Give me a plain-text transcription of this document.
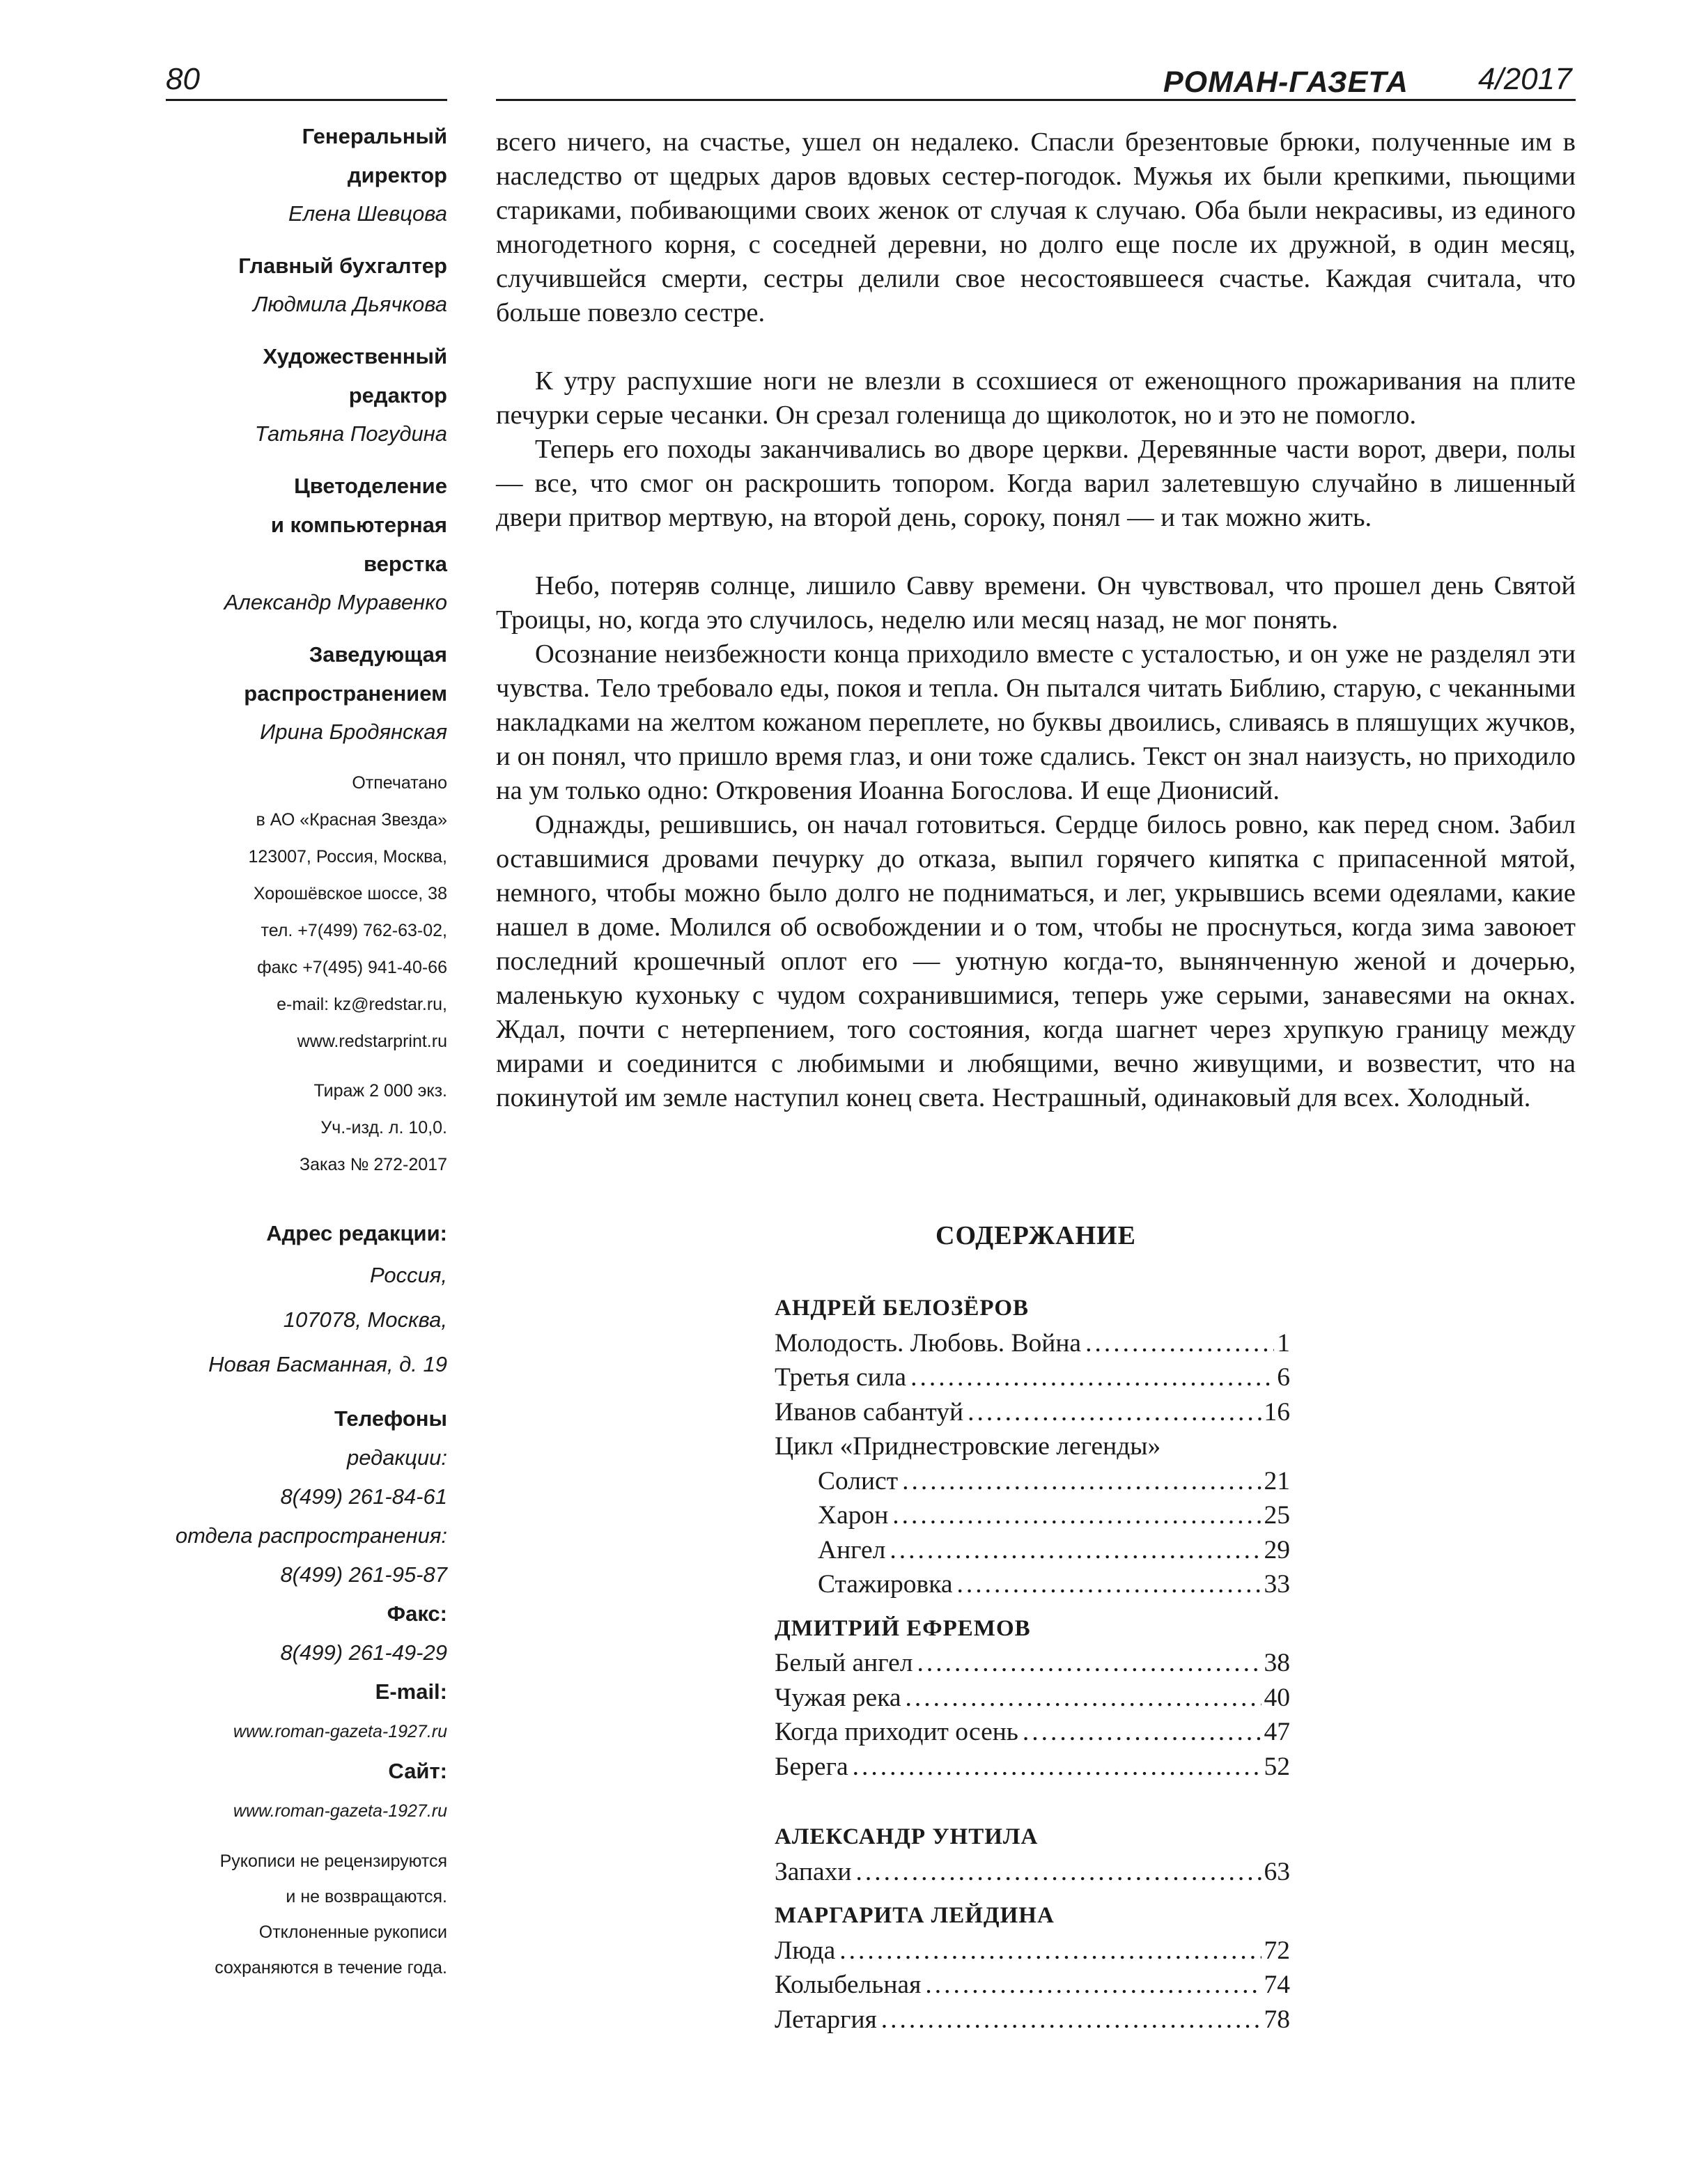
80	РОМАН-ГАЗЕТА 4/2017
Генеральный
директор
Елена Шевцова
Главный бухгалтер
Людмила Дьячкова
Художественный
редактор
Татьяна Погудина
Цветоделение
и компьютерная
верстка
Александр Муравенко
Заведующая
распространением
Ирина Бродянская
Отпечатано
в АО «Красная Звезда»
123007, Россия, Москва,
Хорошёвское шоссе, 38
тел. +7(499) 762-63-02,
факс +7(495) 941-40-66
e-mail: kz@redstar.ru,
www.redstarprint.ru
Тираж 2 000 экз.
Уч.-изд. л. 10,0.
Заказ № 272-2017
Адрес редакции:
Россия,
107078, Москва,
Новая Басманная, д. 19
Телефоны
редакции:
8(499) 261-84-61
отдела распространения:
8(499) 261-95-87
Факс:
8(499) 261-49-29
E-mail:
www.roman-gazeta-1927.ru
Сайт:
www.roman-gazeta-1927.ru
Рукописи не рецензируются
и не возвращаются.
Отклоненные рукописи
сохраняются в течение года.

всего ничего, на счастье, ушел он недалеко. Спасли брезентовые брюки, полученные им в наследство от щедрых даров вдовых сестер-погодок. Мужья их были крепкими, пьющими стариками, побивающими своих женок от случая к случаю. Оба были некрасивы, из единого многодетного корня, с соседней деревни, но долго еще после их дружной, в один месяц, случившейся смерти, сестры делили свое несостоявшееся счастье. Каждая считала, что больше повезло сестре.

К утру распухшие ноги не влезли в ссохшиеся от еженощного прожаривания на плите печурки серые чесанки. Он срезал голенища до щиколоток, но и это не помогло.

Теперь его походы заканчивались во дворе церкви. Деревянные части ворот, двери, полы — все, что смог он раскрошить топором. Когда варил залетевшую случайно в лишенный двери притвор мертвую, на второй день, сороку, понял — и так можно жить.

Небо, потеряв солнце, лишило Савву времени. Он чувствовал, что прошел день Святой Троицы, но, когда это случилось, неделю или месяц назад, не мог понять.

Осознание неизбежности конца приходило вместе с усталостью, и он уже не разделял эти чувства. Тело требовало еды, покоя и тепла. Он пытался читать Библию, старую, с чеканными накладками на желтом кожаном переплете, но буквы двоились, сливаясь в пляшущих жучков, и он понял, что пришло время глаз, и они тоже сдались. Текст он знал наизусть, но приходило на ум только одно: Откровения Иоанна Богослова. И еще Дионисий.

Однажды, решившись, он начал готовиться. Сердце билось ровно, как перед сном. Забил оставшимися дровами печурку до отказа, выпил горячего кипятка с припасенной мятой, немного, чтобы можно было долго не подниматься, и лег, укрывшись всеми одеялами, какие нашел в доме. Молился об освобождении и о том, чтобы не проснуться, когда зима завоюет последний крошечный оплот его — уютную когда-то, вынянченную женой и дочерью, маленькую кухоньку с чудом сохранившимися, теперь уже серыми, занавесями на окнах. Ждал, почти с нетерпением, того состояния, когда шагнет через хрупкую границу между мирами и соединится с любимыми и любящими, вечно живущими, и возвестит, что на покинутой им земле наступил конец света. Нестрашный, одинаковый для всех. Холодный.

СОДЕРЖАНИЕ
АНДРЕЙ БЕЛОЗЁРОВ
Молодость. Любовь. Война .....	1
Третья сила .....	6
Иванов сабантуй .....	16
Цикл «Приднестровские легенды»
Солист .....	21
Харон .....	25
Ангел .....	29
Стажировка .....	33
ДМИТРИЙ ЕФРЕМОВ
Белый ангел .....	38
Чужая река .....	40
Когда приходит осень .....	47
Берега .....	52
АЛЕКСАНДР УНТИЛА
Запахи .....	63
МАРГАРИТА ЛЕЙДИНА
Люда .....	72
Колыбельная .....	74
Летаргия .....	78
